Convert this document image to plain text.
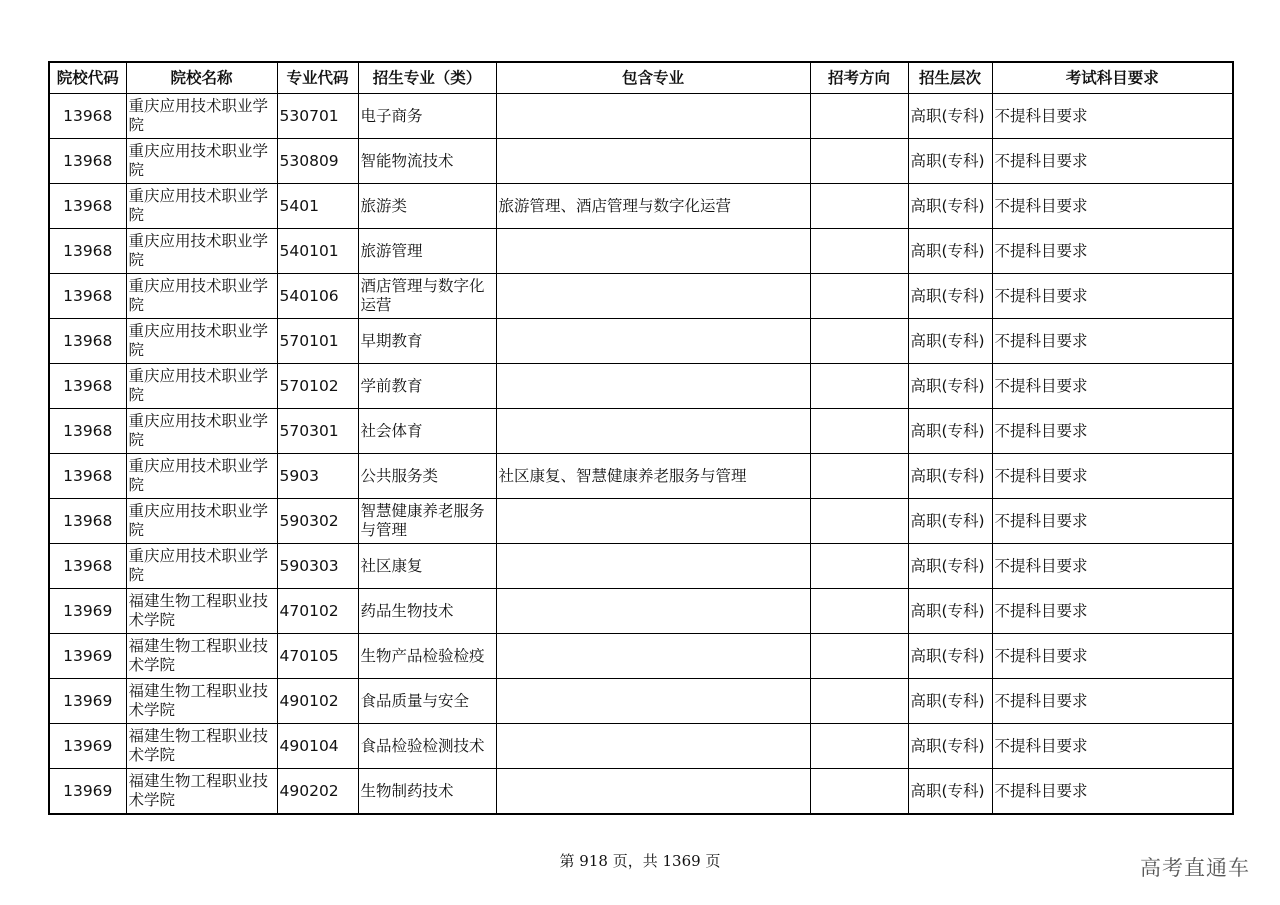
院校代码	院校名称	专业代码	招生专业（类）	包含专业	招考方向	招生层次	考试科目要求
13968	重庆应用技术职业学院	530701	电子商务			高职(专科)	不提科目要求
13968	重庆应用技术职业学院	530809	智能物流技术			高职(专科)	不提科目要求
13968	重庆应用技术职业学院	5401	旅游类	旅游管理、酒店管理与数字化运营		高职(专科)	不提科目要求
13968	重庆应用技术职业学院	540101	旅游管理			高职(专科)	不提科目要求
13968	重庆应用技术职业学院	540106	酒店管理与数字化运营			高职(专科)	不提科目要求
13968	重庆应用技术职业学院	570101	早期教育			高职(专科)	不提科目要求
13968	重庆应用技术职业学院	570102	学前教育			高职(专科)	不提科目要求
13968	重庆应用技术职业学院	570301	社会体育			高职(专科)	不提科目要求
13968	重庆应用技术职业学院	5903	公共服务类	社区康复、智慧健康养老服务与管理		高职(专科)	不提科目要求
13968	重庆应用技术职业学院	590302	智慧健康养老服务与管理			高职(专科)	不提科目要求
13968	重庆应用技术职业学院	590303	社区康复			高职(专科)	不提科目要求
13969	福建生物工程职业技术学院	470102	药品生物技术			高职(专科)	不提科目要求
13969	福建生物工程职业技术学院	470105	生物产品检验检疫			高职(专科)	不提科目要求
13969	福建生物工程职业技术学院	490102	食品质量与安全			高职(专科)	不提科目要求
13969	福建生物工程职业技术学院	490104	食品检验检测技术			高职(专科)	不提科目要求
13969	福建生物工程职业技术学院	490202	生物制药技术			高职(专科)	不提科目要求
第 918 页，共 1369 页	高考直通车
